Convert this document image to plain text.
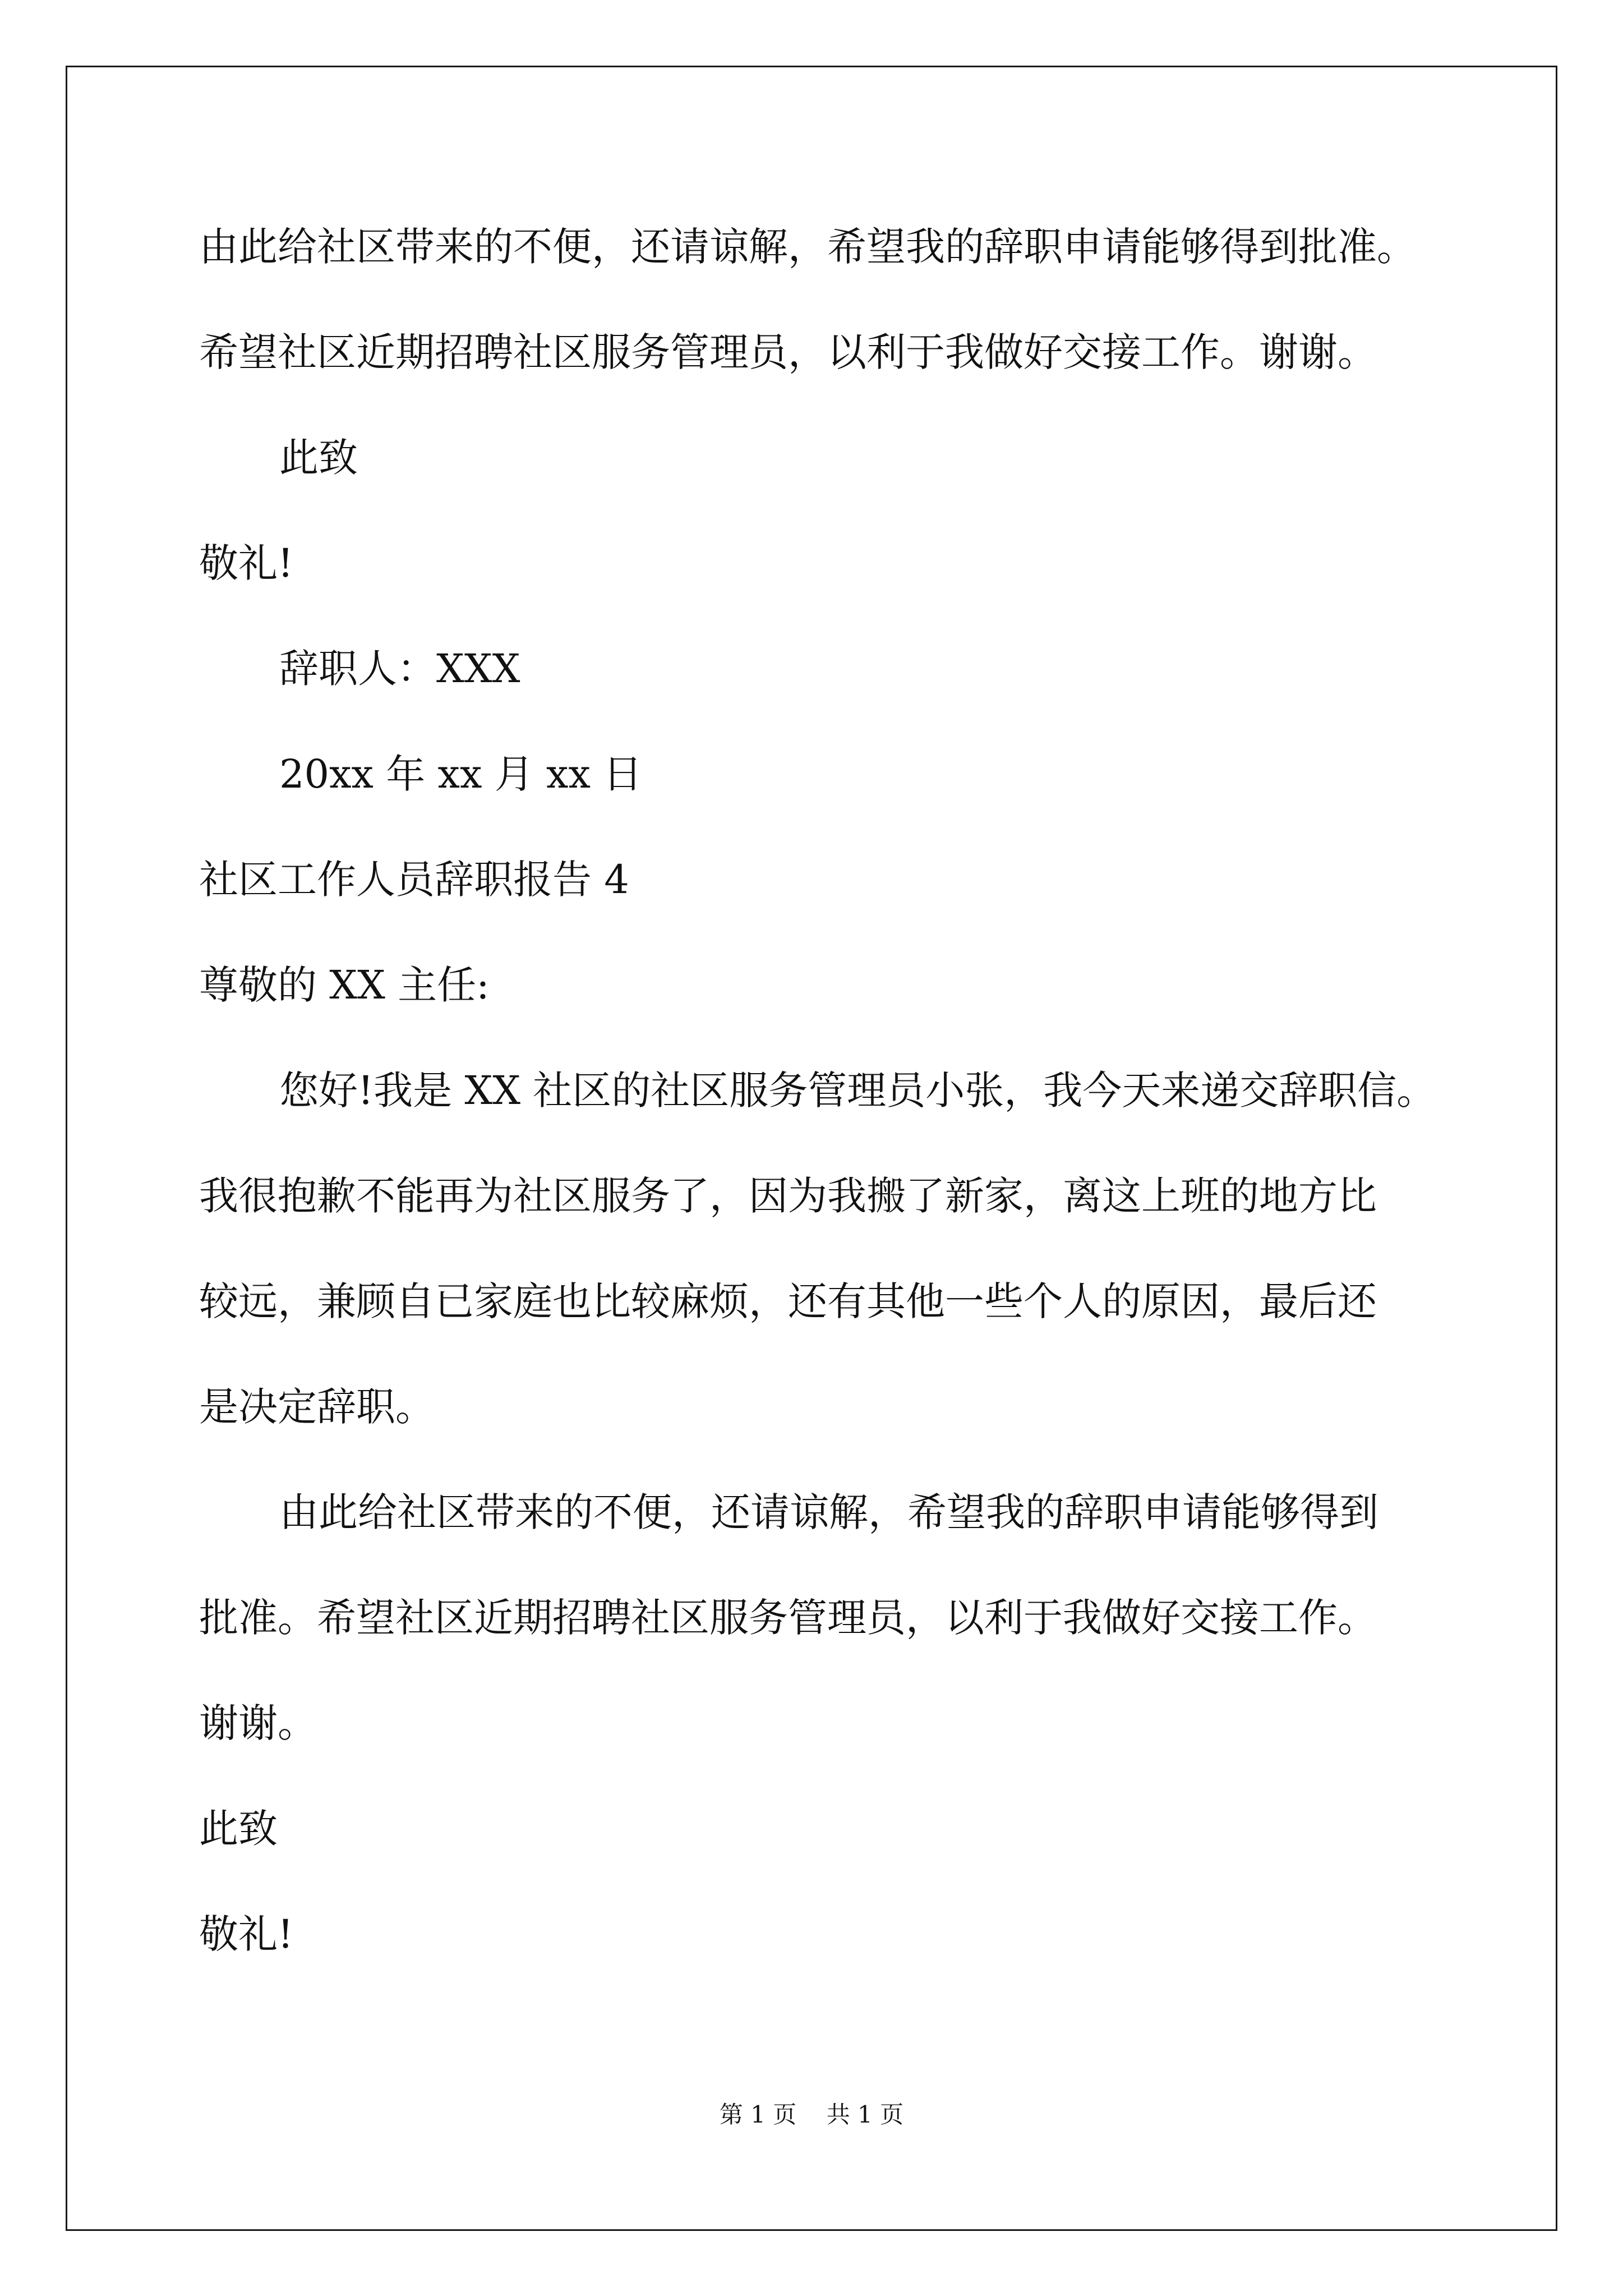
由此给社区带来的不便，还请谅解，希望我的辞职申请能够得到批准。
希望社区近期招聘社区服务管理员，以利于我做好交接工作。谢谢。
此致
敬礼!
辞职人：XXX
20xx 年 xx 月 xx 日
社区工作人员辞职报告 4
尊敬的 XX 主任:
您好!我是 XX 社区的社区服务管理员小张，我今天来递交辞职信。
我很抱歉不能再为社区服务了，因为我搬了新家，离这上班的地方比
较远，兼顾自已家庭也比较麻烦，还有其他一些个人的原因，最后还
是决定辞职。
由此给社区带来的不便，还请谅解，希望我的辞职申请能够得到
批准。希望社区近期招聘社区服务管理员，以利于我做好交接工作。
谢谢。
此致
敬礼!
第 1 页    共 1 页
